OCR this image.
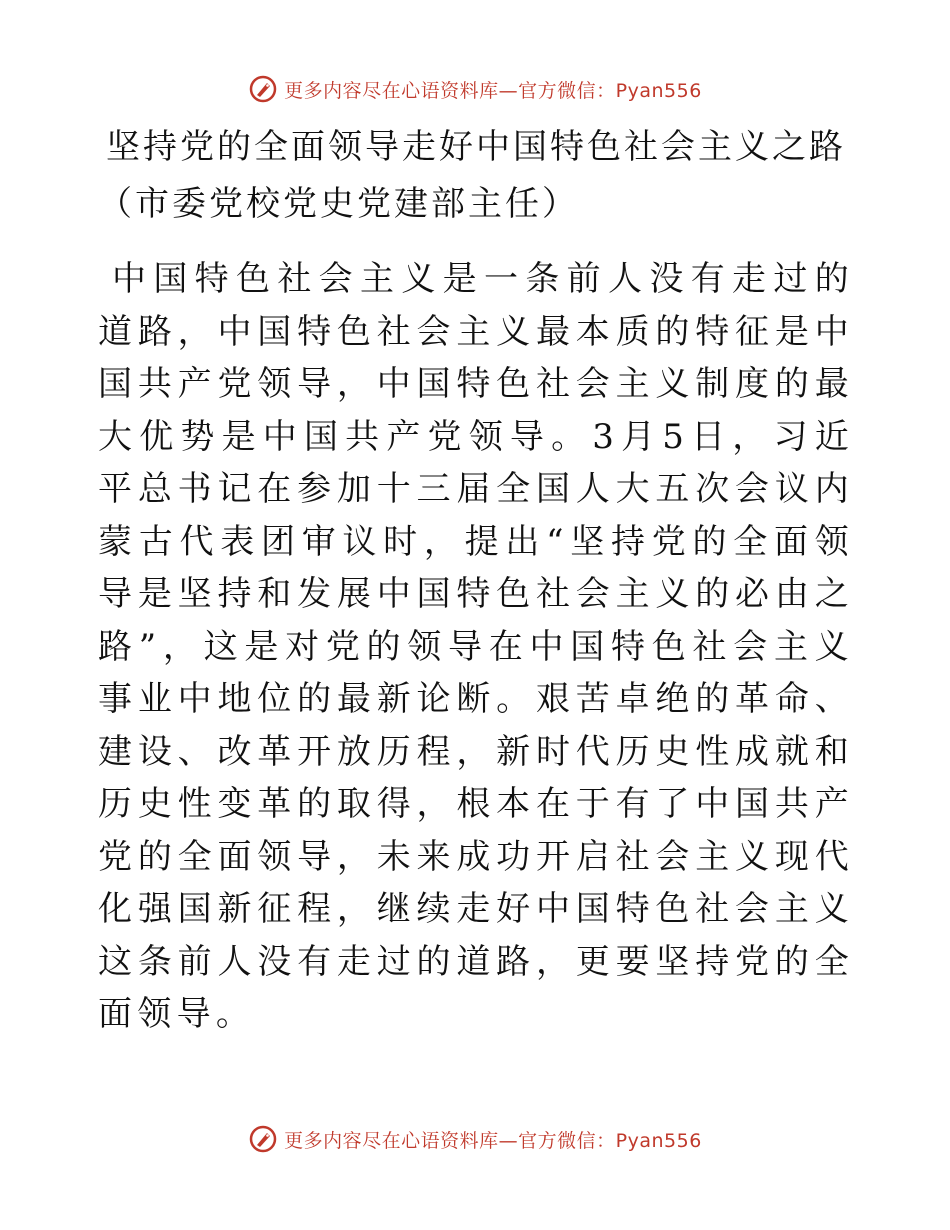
更多内容尽在心语资料库—官方微信：Pyan556
坚持党的全面领导走好中国特色社会主义之路
（市委党校党史党建部主任）

中国特色社会主义是一条前人没有走过的道路，中国特色社会主义最本质的特征是中国共产党领导，中国特色社会主义制度的最大优势是中国共产党领导。3月5日，习近平总书记在参加十三届全国人大五次会议内蒙古代表团审议时，提出“坚持党的全面领导是坚持和发展中国特色社会主义的必由之路”，这是对党的领导在中国特色社会主义事业中地位的最新论断。艰苦卓绝的革命、建设、改革开放历程，新时代历史性成就和历史性变革的取得，根本在于有了中国共产党的全面领导，未来成功开启社会主义现代化强国新征程，继续走好中国特色社会主义这条前人没有走过的道路，更要坚持党的全面领导。

更多内容尽在心语资料库—官方微信：Pyan556
